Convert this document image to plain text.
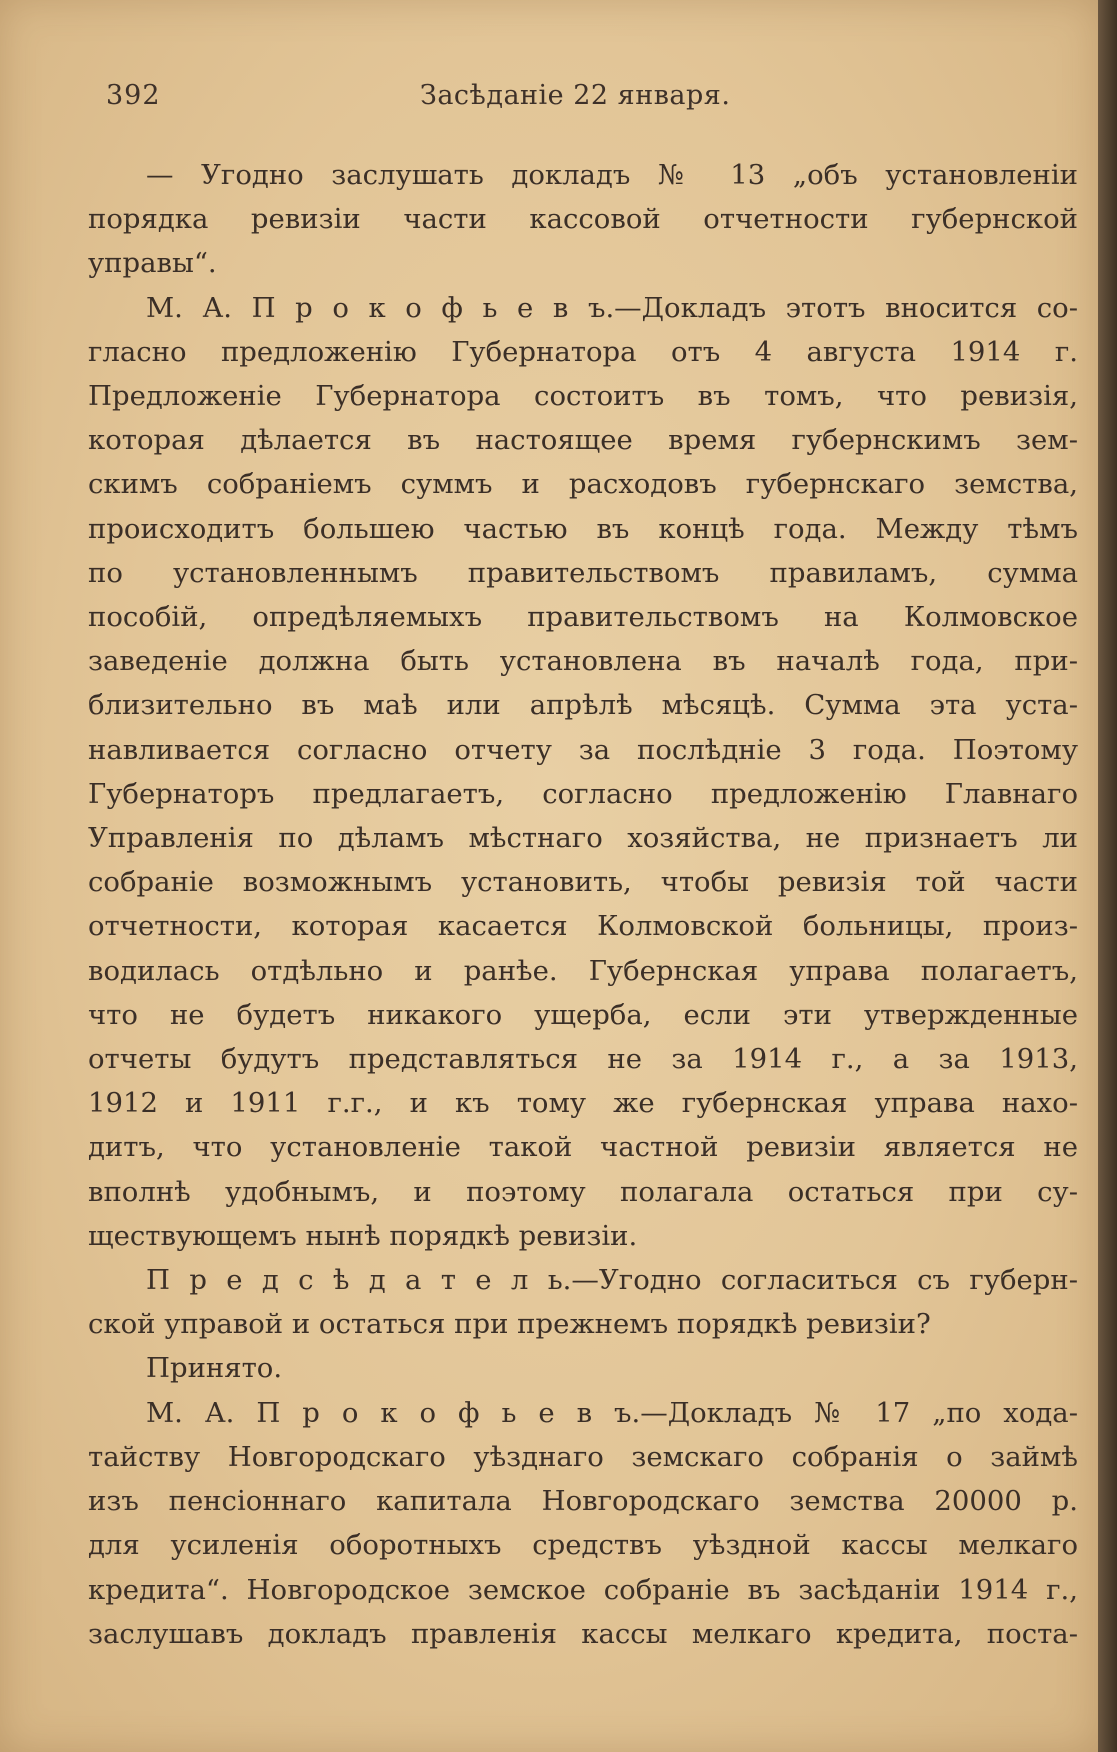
392	Засѣданіе 22 января.
— Угодно заслушать докладъ № 13 „объ установленіи
порядка ревизіи части кассовой отчетности губернской
управы“.
М. А. П р о к о ф ь е в ъ.—Докладъ этотъ вносится со-
гласно предложенію Губернатора отъ 4 августа 1914 г.
Предложеніе Губернатора состоитъ въ томъ, что ревизія,
которая дѣлается въ настоящее время губернскимъ зем-
скимъ собраніемъ суммъ и расходовъ губернскаго земства,
происходитъ большею частью въ концѣ года. Между тѣмъ
по установленнымъ правительствомъ правиламъ, сумма
пособій, опредѣляемыхъ правительствомъ на Колмовское
заведеніе должна быть установлена въ началѣ года, при-
близительно въ маѣ или апрѣлѣ мѣсяцѣ. Сумма эта уста-
навливается согласно отчету за послѣдніе 3 года. Поэтому
Губернаторъ предлагаетъ, согласно предложенію Главнаго
Управленія по дѣламъ мѣстнаго хозяйства, не признаетъ ли
собраніе возможнымъ установить, чтобы ревизія той части
отчетности, которая касается Колмовской больницы, произ-
водилась отдѣльно и ранѣе. Губернская управа полагаетъ,
что не будетъ никакого ущерба, если эти утвержденные
отчеты будутъ представляться не за 1914 г., а за 1913,
1912 и 1911 г.г., и къ тому же губернская управа нахо-
дитъ, что установленіе такой частной ревизіи является не
вполнѣ удобнымъ, и поэтому полагала остаться при су-
ществующемъ нынѣ порядкѣ ревизіи.
П р е д с ѣ д а т е л ь.—Угодно согласиться съ губерн-
ской управой и остаться при прежнемъ порядкѣ ревизіи?
Принято.
М. А. П р о к о ф ь е в ъ.—Докладъ № 17 „по хода-
тайству Новгородскаго уѣзднаго земскаго собранія о займѣ
изъ пенсіоннаго капитала Новгородскаго земства 20000 р.
для усиленія оборотныхъ средствъ уѣздной кассы мелкаго
кредита“. Новгородское земское собраніе въ засѣданіи 1914 г.,
заслушавъ докладъ правленія кассы мелкаго кредита, поста-
